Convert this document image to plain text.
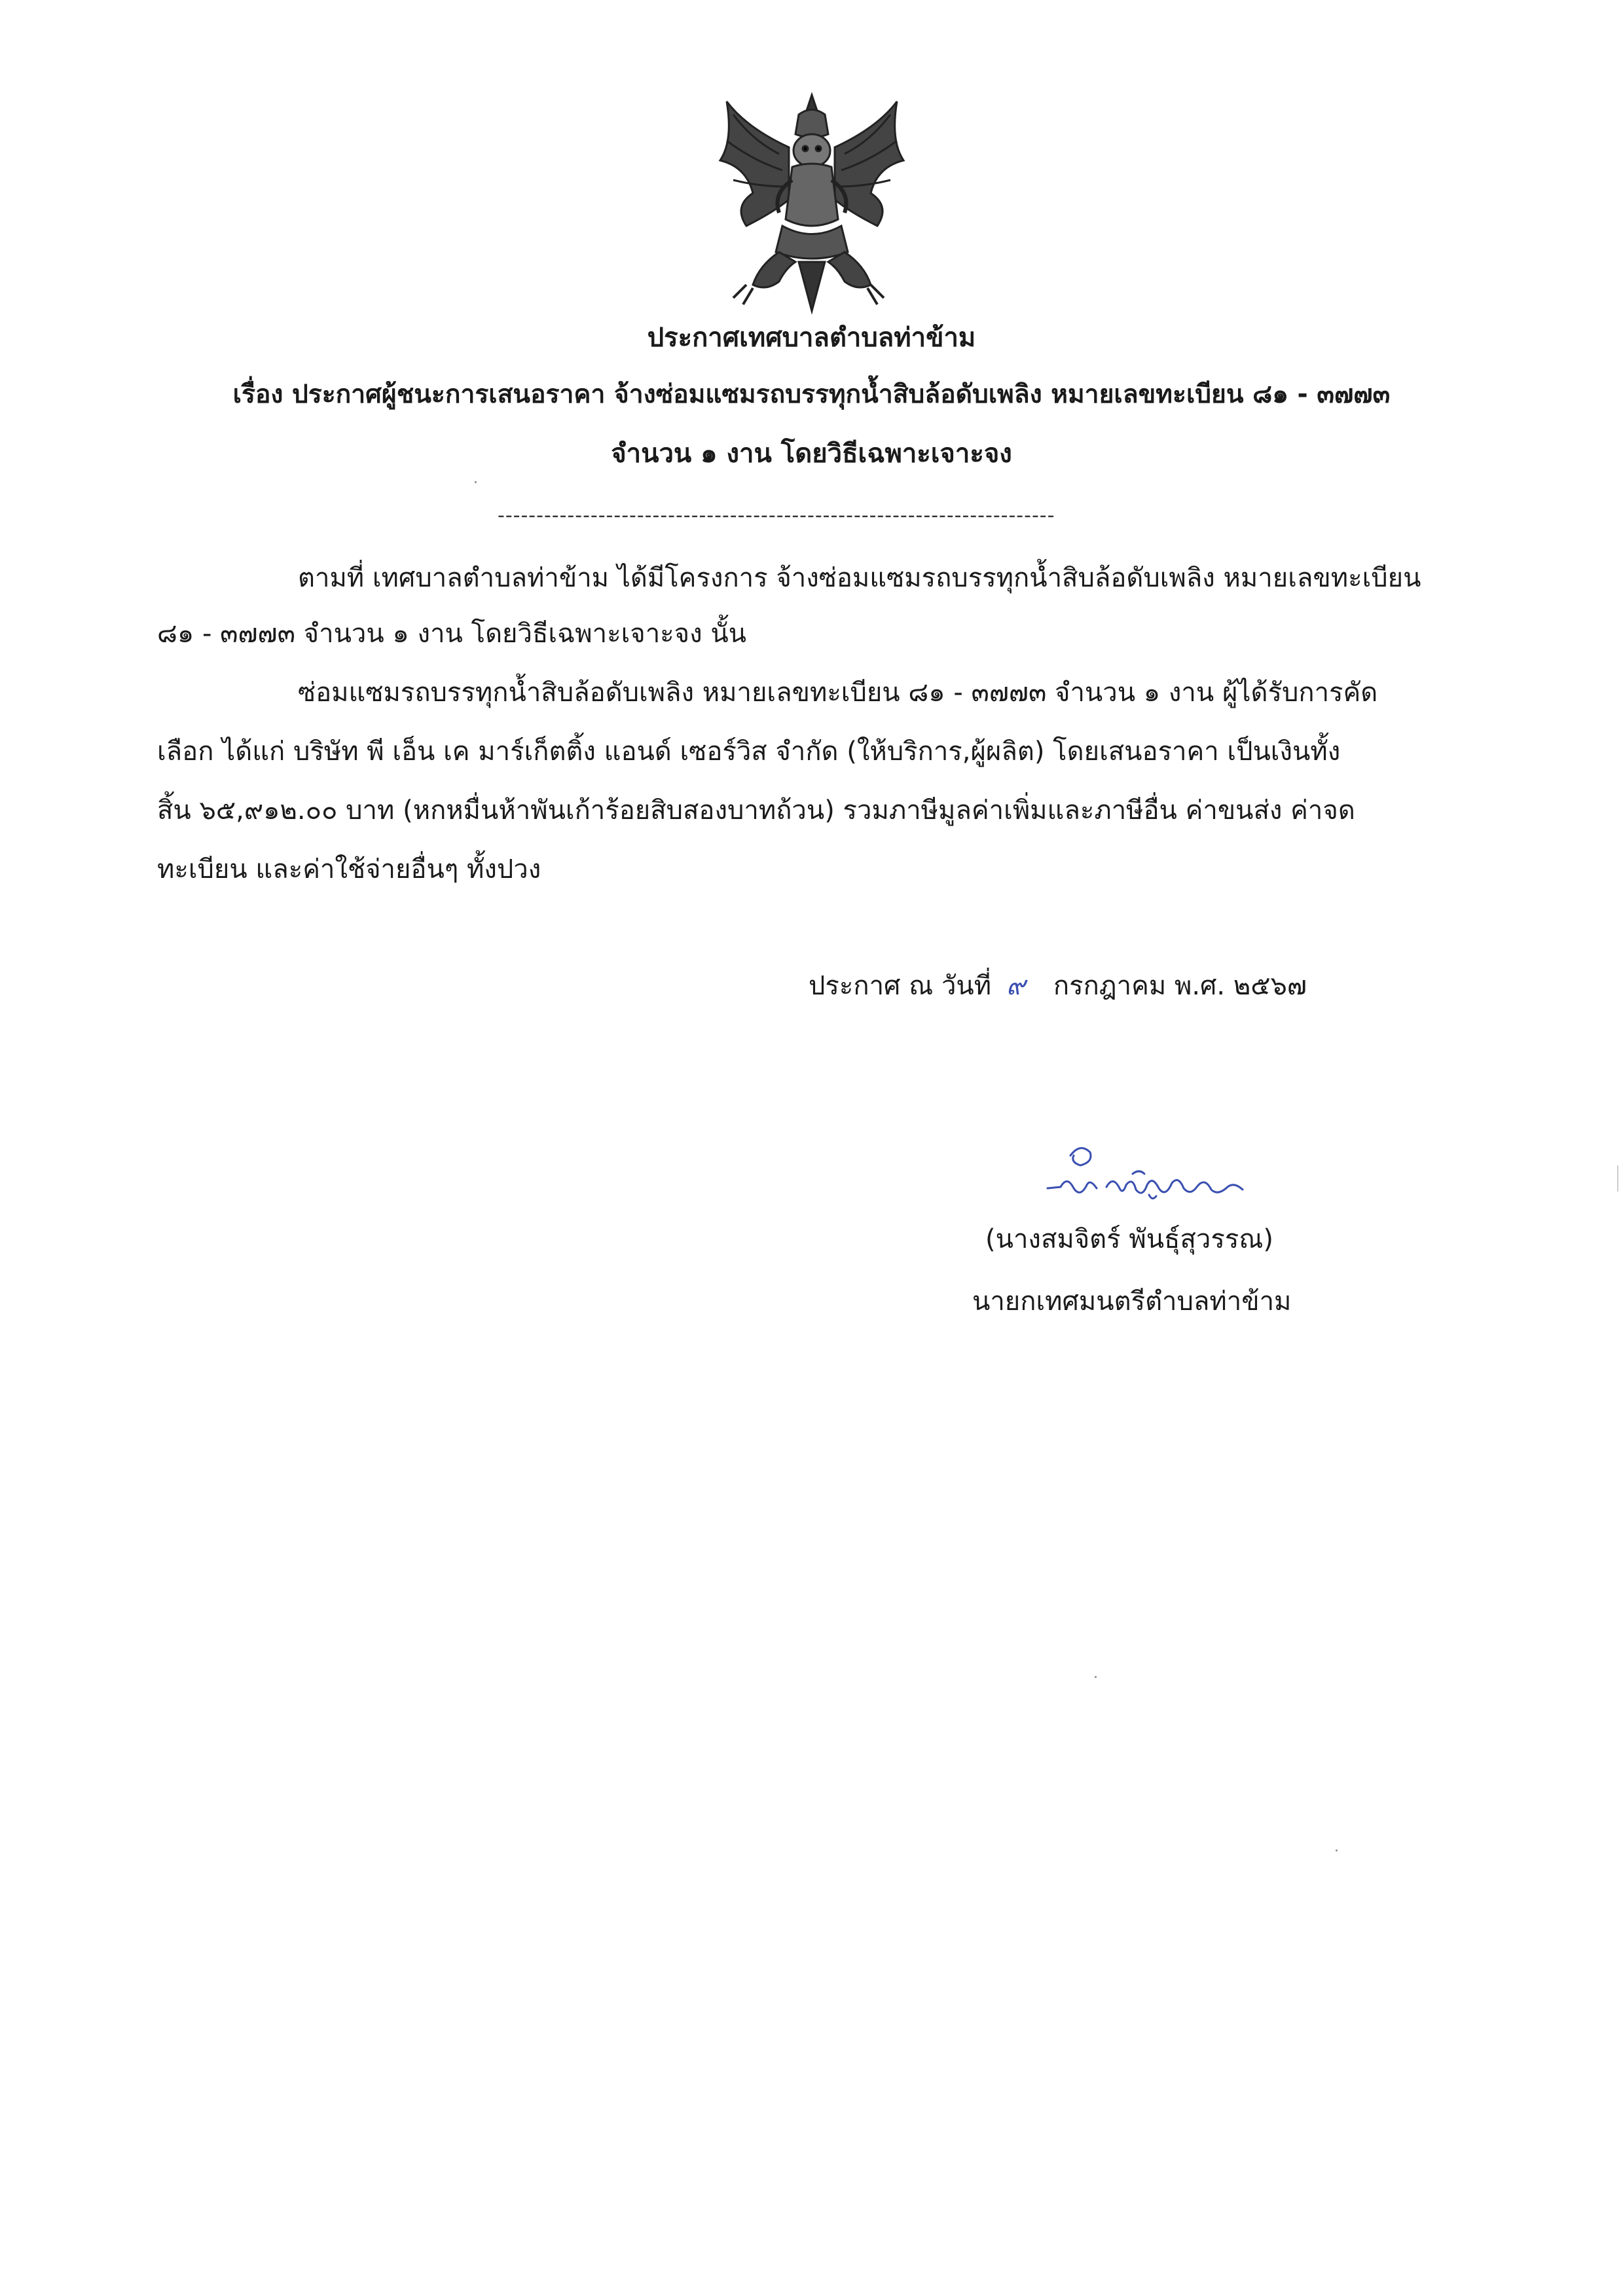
ประกาศเทศบาลตำบลท่าข้าม
เรื่อง ประกาศผู้ชนะการเสนอราคา จ้างซ่อมแซมรถบรรทุกน้ำสิบล้อดับเพลิง หมายเลขทะเบียน ๘๑ - ๓๗๗๓
จำนวน ๑ งาน โดยวิธีเฉพาะเจาะจง
------------------------------------------------------------------------
ตามที่ เทศบาลตำบลท่าข้าม ได้มีโครงการ จ้างซ่อมแซมรถบรรทุกน้ำสิบล้อดับเพลิง หมายเลขทะเบียน
๘๑ - ๓๗๗๓ จำนวน ๑ งาน โดยวิธีเฉพาะเจาะจง นั้น
ซ่อมแซมรถบรรทุกน้ำสิบล้อดับเพลิง หมายเลขทะเบียน ๘๑ - ๓๗๗๓ จำนวน ๑ งาน ผู้ได้รับการคัด
เลือก ได้แก่ บริษัท พี เอ็น เค มาร์เก็ตติ้ง แอนด์ เซอร์วิส จำกัด (ให้บริการ,ผู้ผลิต) โดยเสนอราคา เป็นเงินทั้ง
สิ้น ๖๕,๙๑๒.๐๐ บาท (หกหมื่นห้าพันเก้าร้อยสิบสองบาทถ้วน) รวมภาษีมูลค่าเพิ่มและภาษีอื่น ค่าขนส่ง ค่าจด
ทะเบียน และค่าใช้จ่ายอื่นๆ ทั้งปวง
ประกาศ ณ วันที่ ๙ กรกฎาคม พ.ศ. ๒๕๖๗
(นางสมจิตร์ พันธุ์สุวรรณ)
นายกเทศมนตรีตำบลท่าข้าม
